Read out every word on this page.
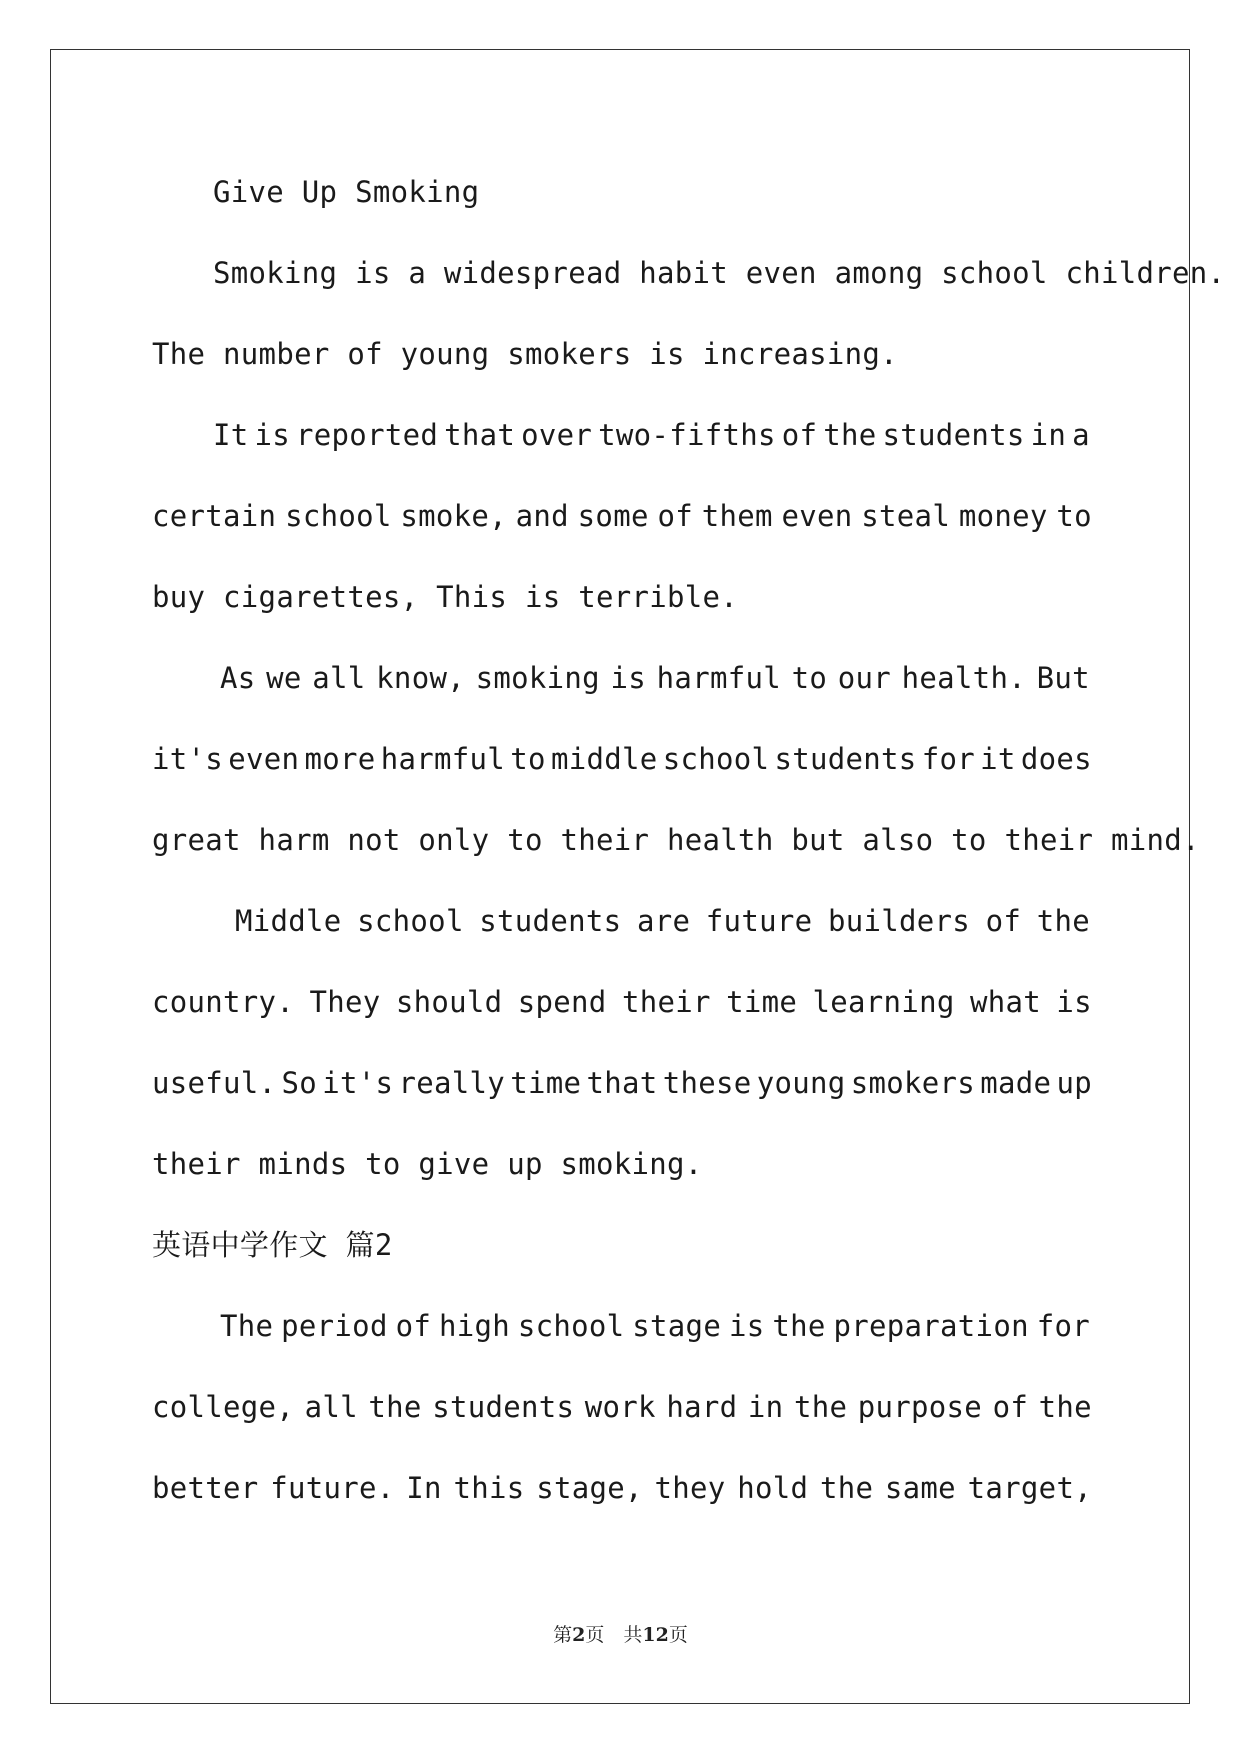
Give Up Smoking
Smoking is a widespread habit even among school children.
The number of young smokers is increasing.
It is reported that over two-fifths of the students in a
certain school smoke, and some of them even steal money to
buy cigarettes, This is terrible.
As we all know, smoking is harmful to our health. But
it's even more harmful to middle school students for it does
great harm not only to their health but also to their mind.
Middle school students are future builders of the
country. They should spend their time learning what is
useful. So it's really time that these young smokers made up
their minds to give up smoking.
英语中学作文 篇2
The period of high school stage is the preparation for
college, all the students work hard in the purpose of the
better future. In this stage, they hold the same target,
第2页　共12页
